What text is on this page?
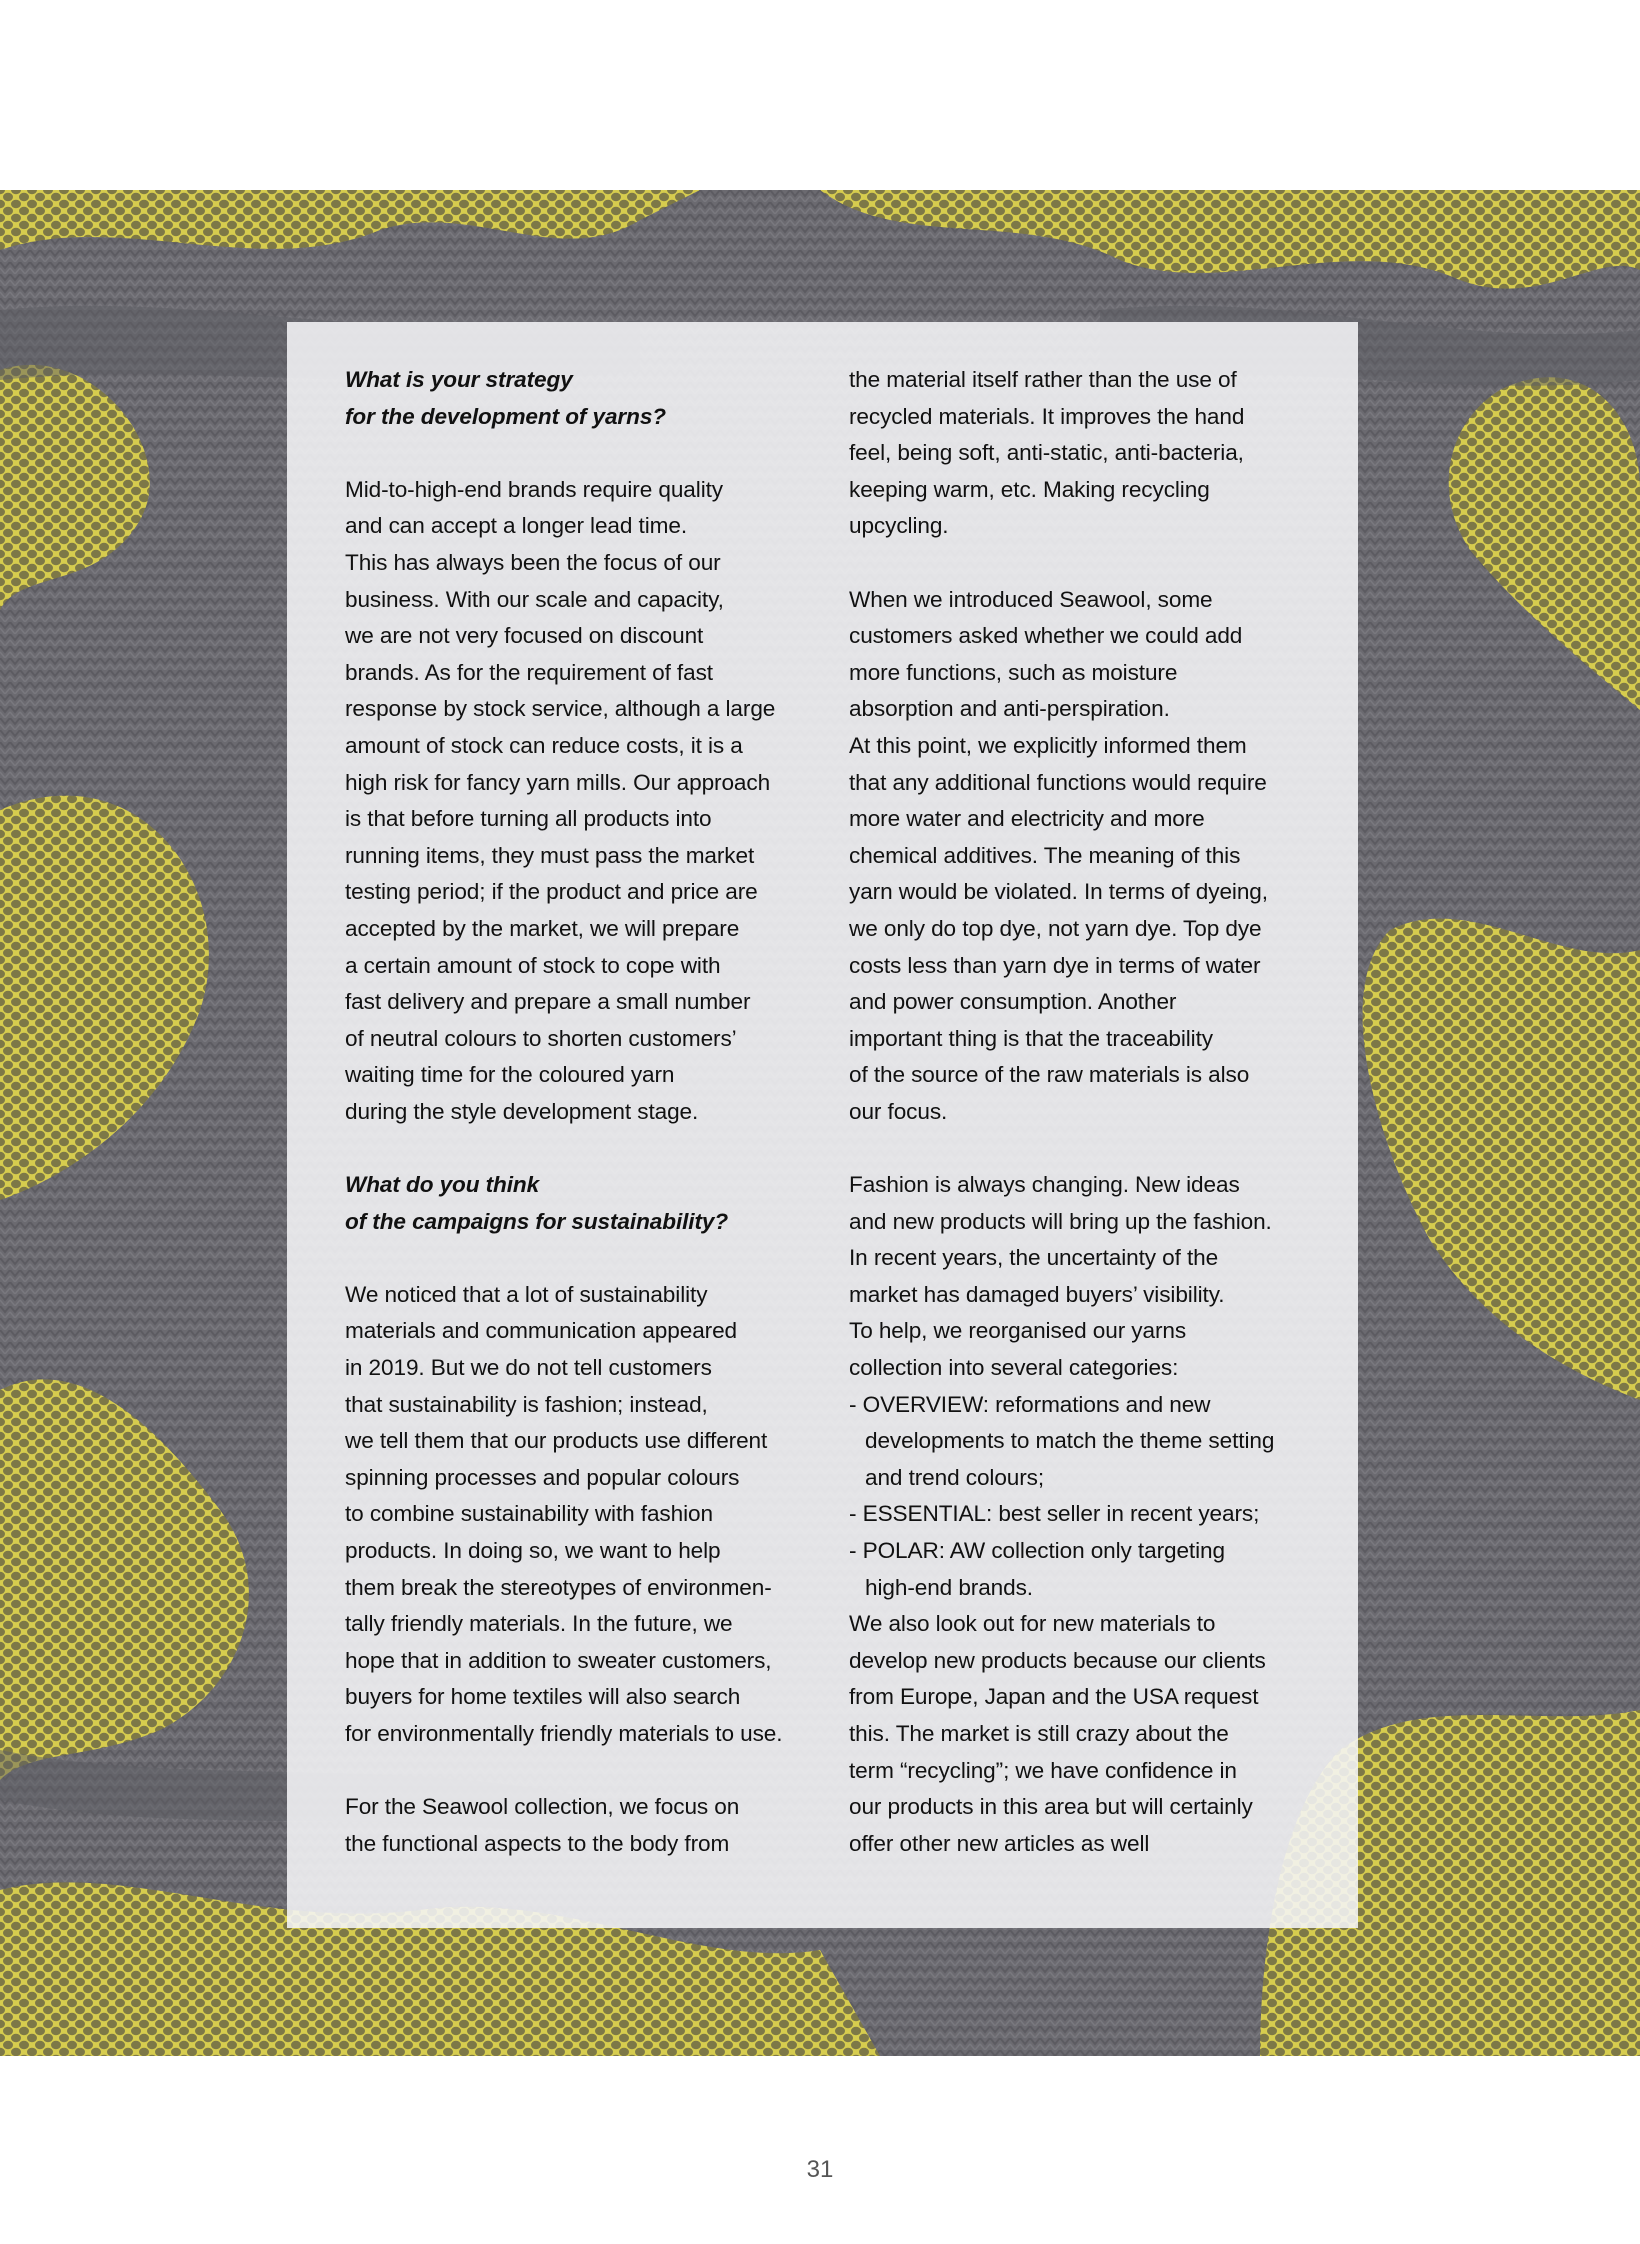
What is your strategy
for the development of yarns?
Mid-to-high-end brands require quality
and can accept a longer lead time.
This has always been the focus of our
business. With our scale and capacity,
we are not very focused on discount
brands. As for the requirement of fast
response by stock service, although a large
amount of stock can reduce costs, it is a
high risk for fancy yarn mills. Our approach
is that before turning all products into
running items, they must pass the market
testing period; if the product and price are
accepted by the market, we will prepare
a certain amount of stock to cope with
fast delivery and prepare a small number
of neutral colours to shorten customers’
waiting time for the coloured yarn
during the style development stage.
What do you think
of the campaigns for sustainability?
We noticed that a lot of sustainability
materials and communication appeared
in 2019. But we do not tell customers
that sustainability is fashion; instead,
we tell them that our products use different
spinning processes and popular colours
to combine sustainability with fashion
products. In doing so, we want to help
them break the stereotypes of environmen-
tally friendly materials. In the future, we
hope that in addition to sweater customers,
buyers for home textiles will also search
for environmentally friendly materials to use.
For the Seawool collection, we focus on
the functional aspects to the body from
the material itself rather than the use of
recycled materials. It improves the hand
feel, being soft, anti-static, anti-bacteria,
keeping warm, etc. Making recycling
upcycling.
When we introduced Seawool, some
customers asked whether we could add
more functions, such as moisture
absorption and anti-perspiration.
At this point, we explicitly informed them
that any additional functions would require
more water and electricity and more
chemical additives. The meaning of this
yarn would be violated. In terms of dyeing,
we only do top dye, not yarn dye. Top dye
costs less than yarn dye in terms of water
and power consumption. Another
important thing is that the traceability
of the source of the raw materials is also
our focus.
Fashion is always changing. New ideas
and new products will bring up the fashion.
In recent years, the uncertainty of the
market has damaged buyers’ visibility.
To help, we reorganised our yarns
collection into several categories:
- OVERVIEW: reformations and new
developments to match the theme setting
and trend colours;
- ESSENTIAL: best seller in recent years;
- POLAR: AW collection only targeting
high-end brands.
We also look out for new materials to
develop new products because our clients
from Europe, Japan and the USA request
this. The market is still crazy about the
term “recycling”; we have confidence in
our products in this area but will certainly
offer other new articles as well
31
